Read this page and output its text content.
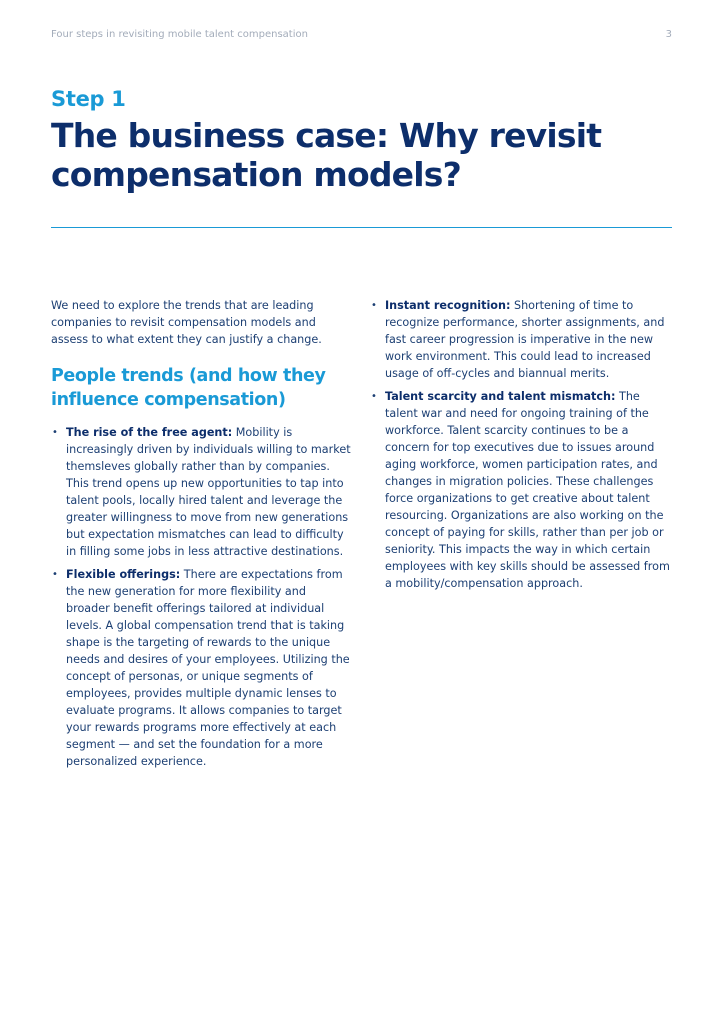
Four steps in revisiting mobile talent compensation	3
Step 1
The business case: Why revisit compensation models?

We need to explore the trends that are leading companies to revisit compensation models and assess to what extent they can justify a change.

People trends (and how they influence compensation)
• The rise of the free agent: Mobility is increasingly driven by individuals willing to market themsleves globally rather than by companies. This trend opens up new opportunities to tap into talent pools, locally hired talent and leverage the greater willingness to move from new generations but expectation mismatches can lead to difficulty in filling some jobs in less attractive destinations.
• Flexible offerings: There are expectations from the new generation for more flexibility and broader benefit offerings tailored at individual levels. A global compensation trend that is taking shape is the targeting of rewards to the unique needs and desires of your employees. Utilizing the concept of personas, or unique segments of employees, provides multiple dynamic lenses to evaluate programs. It allows companies to target your rewards programs more effectively at each segment — and set the foundation for a more personalized experience.
• Instant recognition: Shortening of time to recognize performance, shorter assignments, and fast career progression is imperative in the new work environment. This could lead to increased usage of off-cycles and biannual merits.
• Talent scarcity and talent mismatch: The talent war and need for ongoing training of the workforce. Talent scarcity continues to be a concern for top executives due to issues around aging workforce, women participation rates, and changes in migration policies. These challenges force organizations to get creative about talent resourcing. Organizations are also working on the concept of paying for skills, rather than per job or seniority. This impacts the way in which certain employees with key skills should be assessed from a mobility/compensation approach.
